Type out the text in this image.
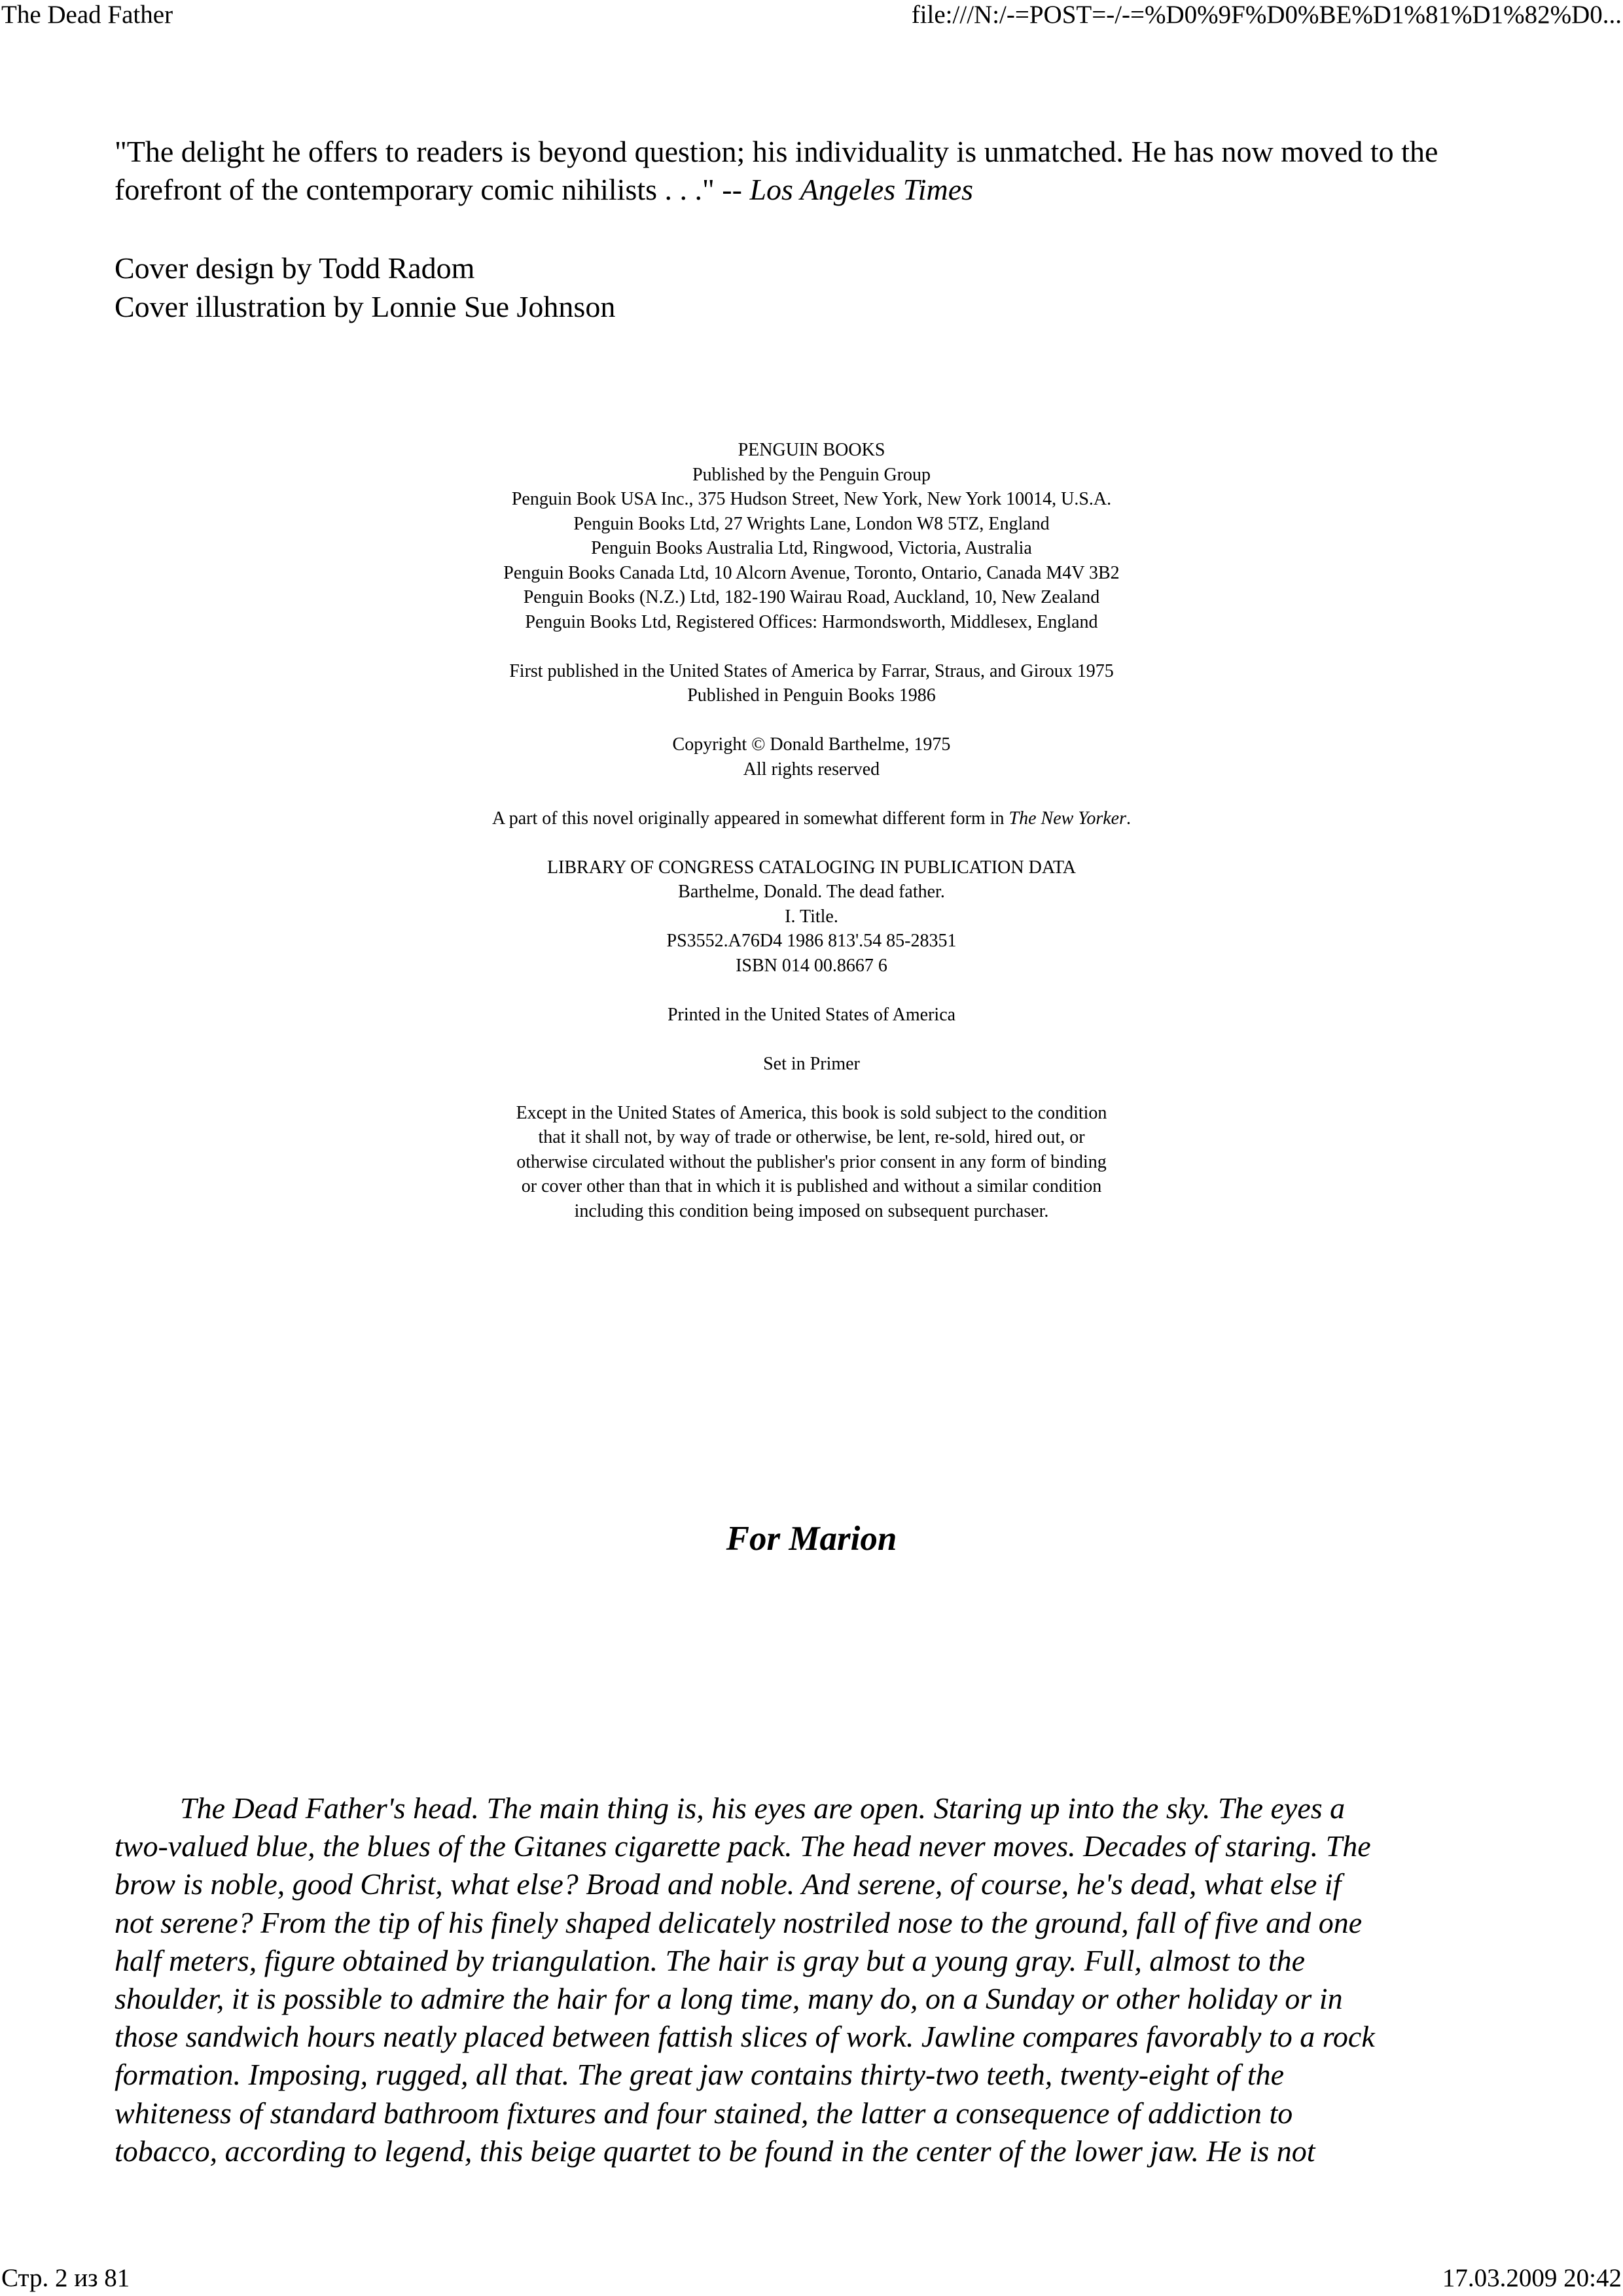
The Dead Father	file:///N:/-=POST=-/-=%D0%9F%D0%BE%D1%81%D1%82%D0...

"The delight he offers to readers is beyond question; his individuality is unmatched. He has now moved to the forefront of the contemporary comic nihilists . . ." -- Los Angeles Times

Cover design by Todd Radom
Cover illustration by Lonnie Sue Johnson
PENGUIN BOOKS
Published by the Penguin Group
Penguin Book USA Inc., 375 Hudson Street, New York, New York 10014, U.S.A.
Penguin Books Ltd, 27 Wrights Lane, London W8 5TZ, England
Penguin Books Australia Ltd, Ringwood, Victoria, Australia
Penguin Books Canada Ltd, 10 Alcorn Avenue, Toronto, Ontario, Canada M4V 3B2
Penguin Books (N.Z.) Ltd, 182-190 Wairau Road, Auckland, 10, New Zealand
Penguin Books Ltd, Registered Offices: Harmondsworth, Middlesex, England
First published in the United States of America by Farrar, Straus, and Giroux 1975
Published in Penguin Books 1986
Copyright © Donald Barthelme, 1975
All rights reserved
A part of this novel originally appeared in somewhat different form in The New Yorker.
LIBRARY OF CONGRESS CATALOGING IN PUBLICATION DATA
Barthelme, Donald. The dead father.
I. Title.
PS3552.A76D4 1986 813'.54 85-28351
ISBN 014 00.8667 6
Printed in the United States of America
Set in Primer
Except in the United States of America, this book is sold subject to the condition
that it shall not, by way of trade or otherwise, be lent, re-sold, hired out, or
otherwise circulated without the publisher's prior consent in any form of binding
or cover other than that in which it is published and without a similar condition
including this condition being imposed on subsequent purchaser.
For Marion
The Dead Father's head. The main thing is, his eyes are open. Staring up into the sky. The eyes a
two-valued blue, the blues of the Gitanes cigarette pack. The head never moves. Decades of staring. The
brow is noble, good Christ, what else? Broad and noble. And serene, of course, he's dead, what else if
not serene? From the tip of his finely shaped delicately nostriled nose to the ground, fall of five and one
half meters, figure obtained by triangulation. The hair is gray but a young gray. Full, almost to the
shoulder, it is possible to admire the hair for a long time, many do, on a Sunday or other holiday or in
those sandwich hours neatly placed between fattish slices of work. Jawline compares favorably to a rock
formation. Imposing, rugged, all that. The great jaw contains thirty-two teeth, twenty-eight of the
whiteness of standard bathroom fixtures and four stained, the latter a consequence of addiction to
tobacco, according to legend, this beige quartet to be found in the center of the lower jaw. He is not
Стр. 2 из 81	17.03.2009 20:42
